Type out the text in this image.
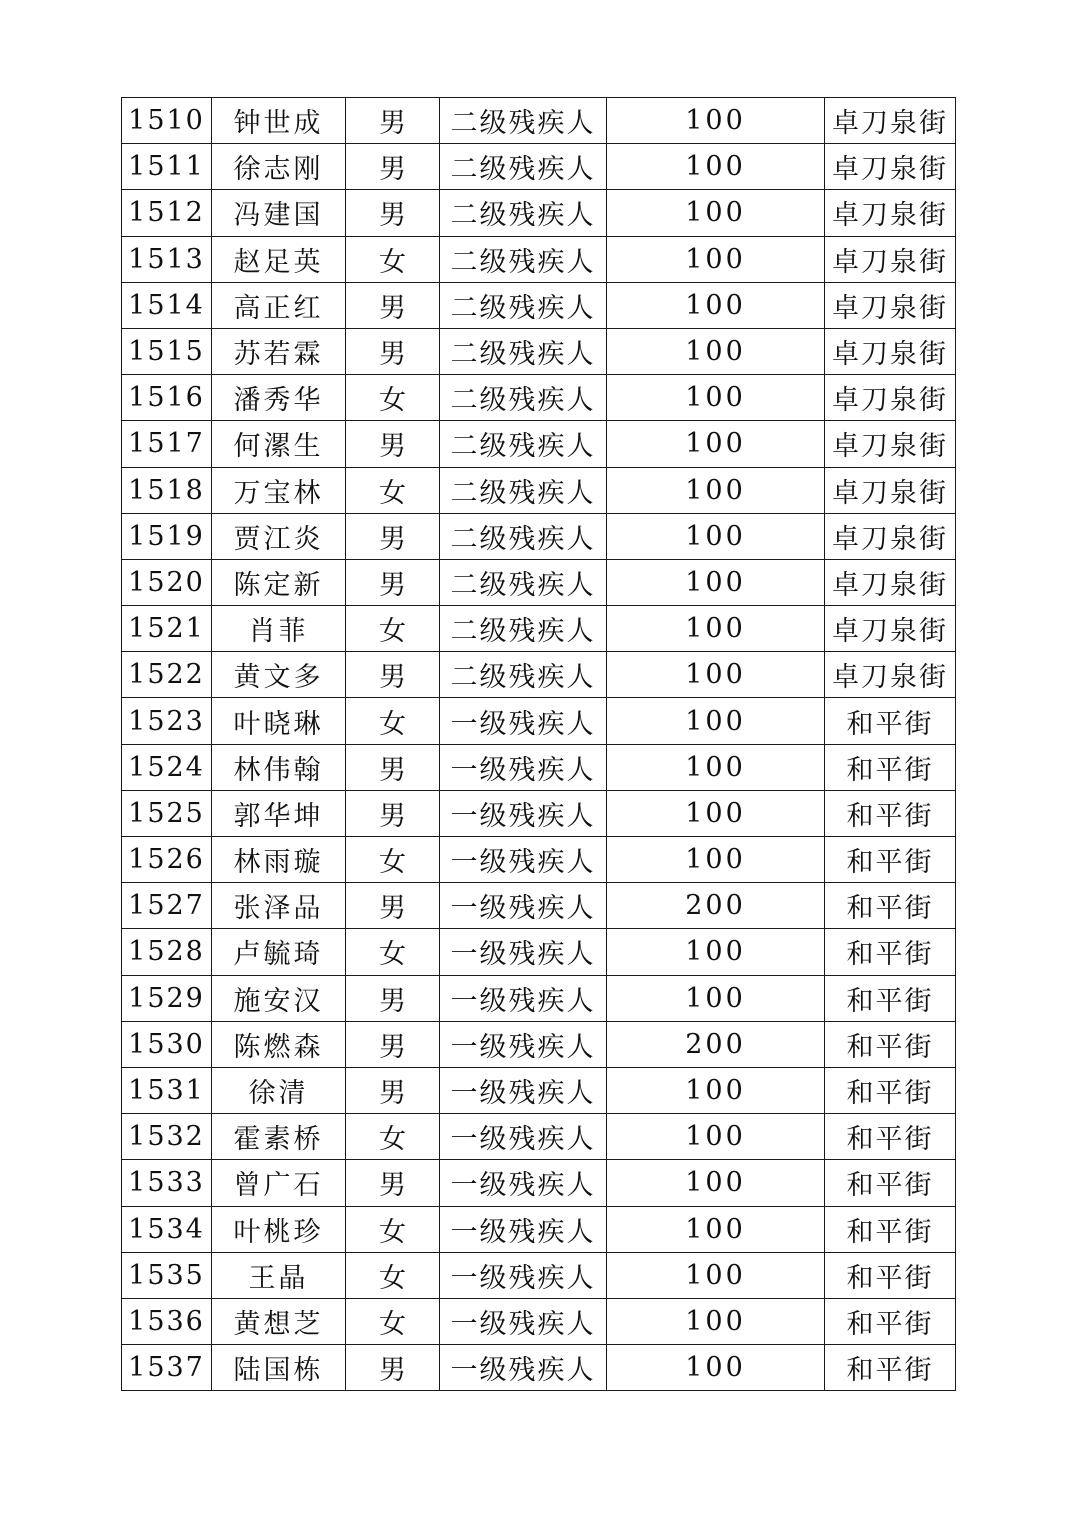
1510	钟世成	男	二级残疾人	100	卓刀泉街
1511	徐志刚	男	二级残疾人	100	卓刀泉街
1512	冯建国	男	二级残疾人	100	卓刀泉街
1513	赵足英	女	二级残疾人	100	卓刀泉街
1514	高正红	男	二级残疾人	100	卓刀泉街
1515	苏若霖	男	二级残疾人	100	卓刀泉街
1516	潘秀华	女	二级残疾人	100	卓刀泉街
1517	何漯生	男	二级残疾人	100	卓刀泉街
1518	万宝林	女	二级残疾人	100	卓刀泉街
1519	贾江炎	男	二级残疾人	100	卓刀泉街
1520	陈定新	男	二级残疾人	100	卓刀泉街
1521	肖菲	女	二级残疾人	100	卓刀泉街
1522	黄文多	男	二级残疾人	100	卓刀泉街
1523	叶晓琳	女	一级残疾人	100	和平街
1524	林伟翰	男	一级残疾人	100	和平街
1525	郭华坤	男	一级残疾人	100	和平街
1526	林雨璇	女	一级残疾人	100	和平街
1527	张泽品	男	一级残疾人	200	和平街
1528	卢毓琦	女	一级残疾人	100	和平街
1529	施安汉	男	一级残疾人	100	和平街
1530	陈燃森	男	一级残疾人	200	和平街
1531	徐清	男	一级残疾人	100	和平街
1532	霍素桥	女	一级残疾人	100	和平街
1533	曾广石	男	一级残疾人	100	和平街
1534	叶桃珍	女	一级残疾人	100	和平街
1535	王晶	女	一级残疾人	100	和平街
1536	黄想芝	女	一级残疾人	100	和平街
1537	陆国栋	男	一级残疾人	100	和平街
